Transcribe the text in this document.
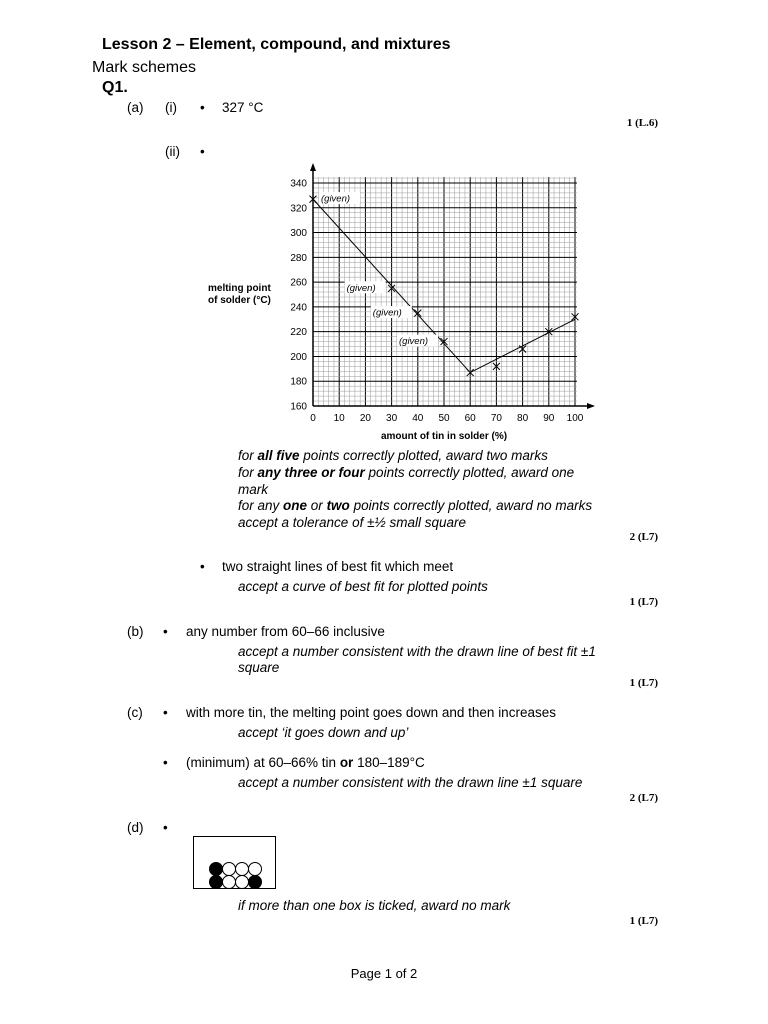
Lesson 2 – Element, compound, and mixtures
Mark schemes
Q1.
(a) (i) • 327 °C
1 (L.6)
(ii) •
0 10 20 30 40 50 60 70 80 90 100
160
180
200
220
240
260
280
300
320
340
amount of tin in solder (%)
melting point
of solder (°C)
(given)
(given)
(given)
(given)
for all five points correctly plotted, award two marks
for any three or four points correctly plotted, award one
mark
for any one or two points correctly plotted, award no marks
accept a tolerance of ±½ small square
2 (L7)
• two straight lines of best fit which meet
accept a curve of best fit for plotted points
1 (L7)
(b) • any number from 60–66 inclusive
accept a number consistent with the drawn line of best fit ±1
square
1 (L7)
(c) • with more tin, the melting point goes down and then increases
accept ‘it goes down and up’
• (minimum) at 60–66% tin or 180–189°C
accept a number consistent with the drawn line ±1 square
2 (L7)
(d) •
if more than one box is ticked, award no mark
1 (L7)
Page 1 of 2
